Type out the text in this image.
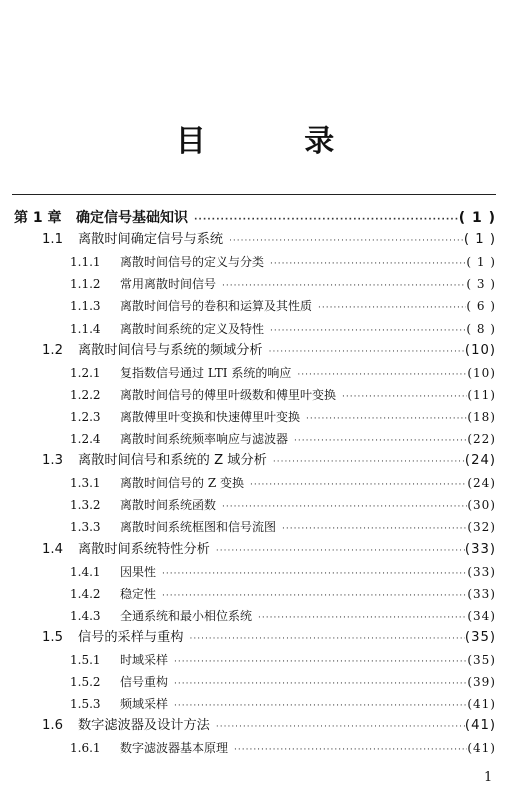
目 录
第 1 章	确定信号基础知识 ·····	( 1 )
1.1	离散时间确定信号与系统 ·····	( 1 )
1.1.1	离散时间信号的定义与分类 ·····	( 1 )
1.1.2	常用离散时间信号 ·····	( 3 )
1.1.3	离散时间信号的卷积和运算及其性质 ·····	( 6 )
1.1.4	离散时间系统的定义及特性 ·····	( 8 )
1.2	离散时间信号与系统的频域分析 ·····	(10)
1.2.1	复指数信号通过 LTI 系统的响应 ·····	(10)
1.2.2	离散时间信号的傅里叶级数和傅里叶变换 ·····	(11)
1.2.3	离散傅里叶变换和快速傅里叶变换 ·····	(18)
1.2.4	离散时间系统频率响应与滤波器 ·····	(22)
1.3	离散时间信号和系统的 Z 域分析 ·····	(24)
1.3.1	离散时间信号的 Z 变换 ·····	(24)
1.3.2	离散时间系统函数 ·····	(30)
1.3.3	离散时间系统框图和信号流图 ·····	(32)
1.4	离散时间系统特性分析 ·····	(33)
1.4.1	因果性 ·····	(33)
1.4.2	稳定性 ·····	(33)
1.4.3	全通系统和最小相位系统 ·····	(34)
1.5	信号的采样与重构 ·····	(35)
1.5.1	时域采样 ·····	(35)
1.5.2	信号重构 ·····	(39)
1.5.3	频域采样 ·····	(41)
1.6	数字滤波器及设计方法 ·····	(41)
1.6.1	数字滤波器基本原理 ·····	(41)
1
